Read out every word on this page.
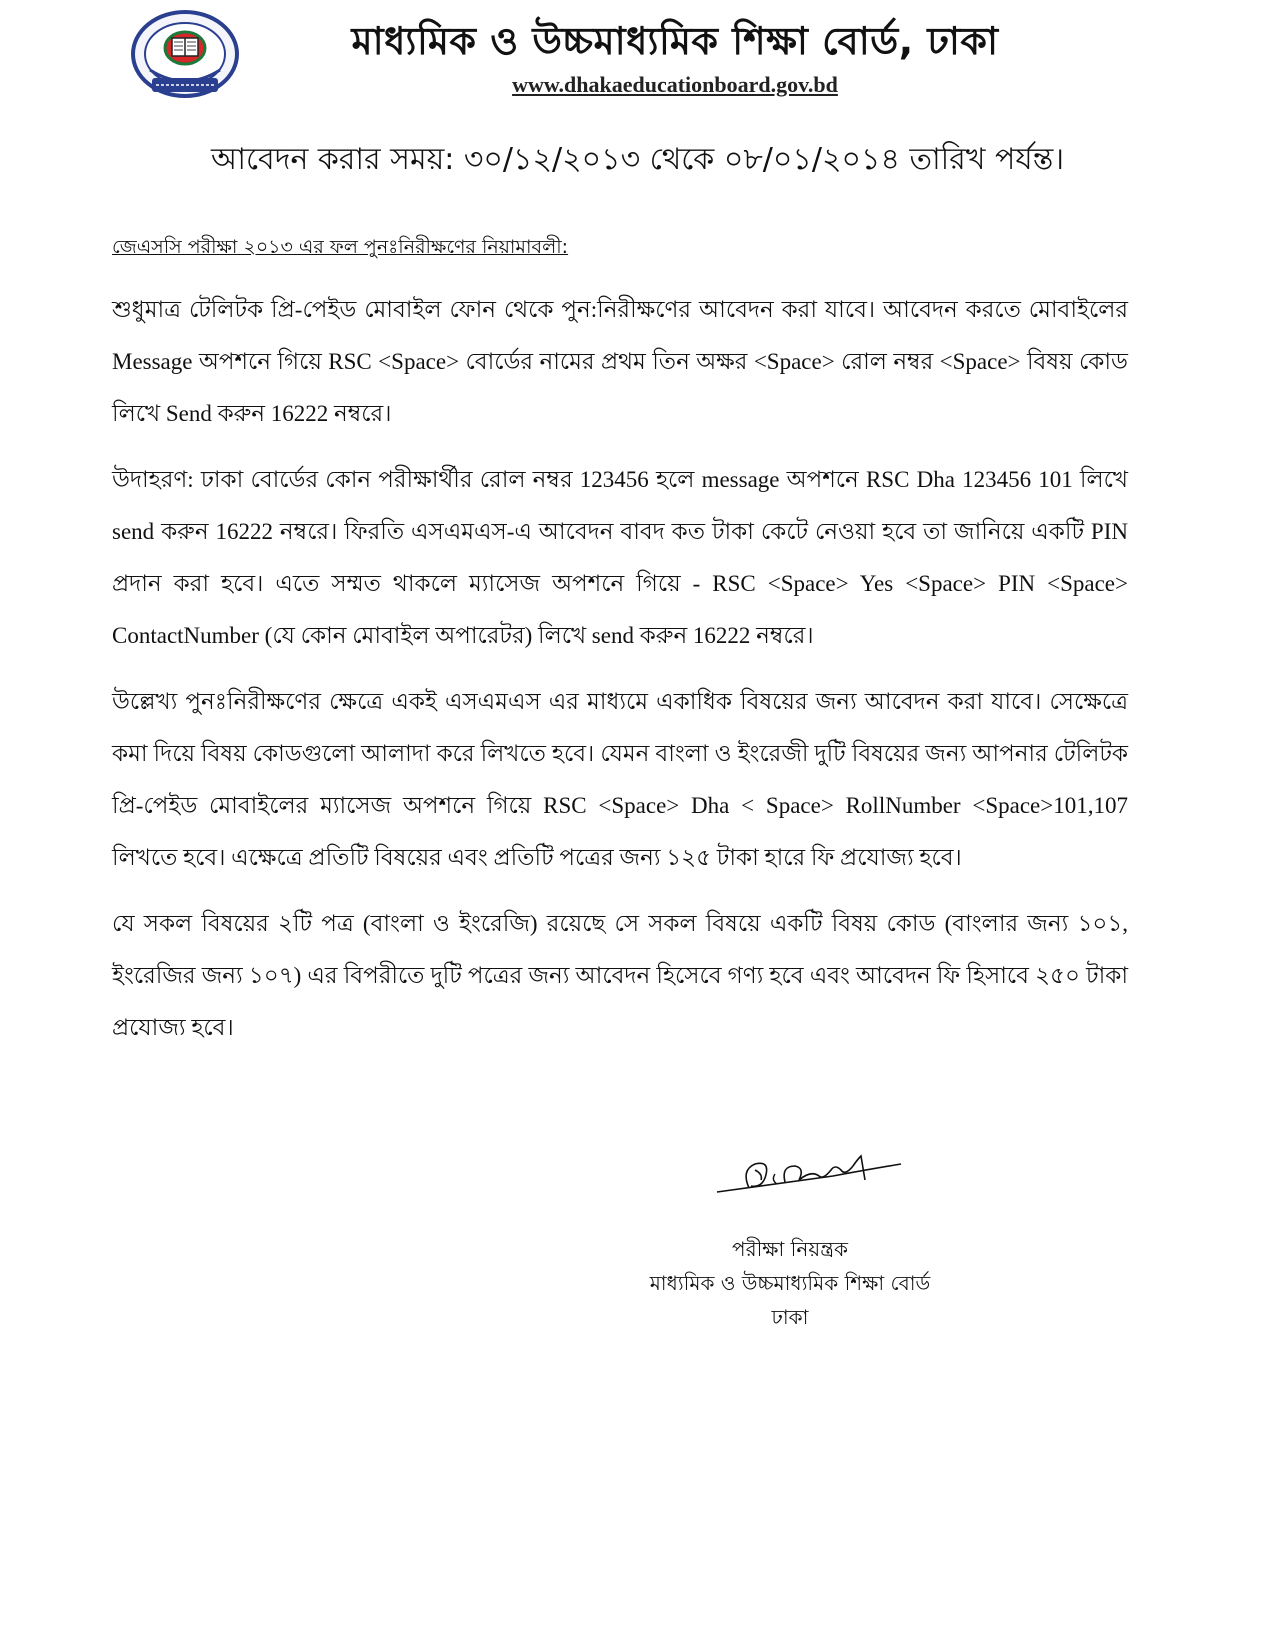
মাধ্যমিক ও উচ্চমাধ্যমিক শিক্ষা বোর্ড, ঢাকা
www.dhakaeducationboard.gov.bd
আবেদন করার সময়: ৩০/১২/২০১৩ থেকে ০৮/০১/২০১৪ তারিখ পর্যন্ত।
জেএসসি পরীক্ষা ২০১৩ এর ফল পুনঃনিরীক্ষণের নিয়ামাবলী:

শুধুমাত্র টেলিটক প্রি-পেইড মোবাইল ফোন থেকে পুন:নিরীক্ষণের আবেদন করা যাবে। আবেদন করতে মোবাইলের Message অপশনে গিয়ে RSC <Space> বোর্ডের নামের প্রথম তিন অক্ষর <Space> রোল নম্বর <Space> বিষয় কোড লিখে Send করুন 16222 নম্বরে।

উদাহরণ: ঢাকা বোর্ডের কোন পরীক্ষার্থীর রোল নম্বর 123456 হলে message অপশনে RSC Dha 123456 101 লিখে send করুন 16222 নম্বরে। ফিরতি এসএমএস-এ আবেদন বাবদ কত টাকা কেটে নেওয়া হবে তা জানিয়ে একটি PIN প্রদান করা হবে। এতে সম্মত থাকলে ম্যাসেজ অপশনে গিয়ে - RSC <Space> Yes <Space> PIN <Space> ContactNumber (যে কোন মোবাইল অপারেটর) লিখে send করুন 16222 নম্বরে।

উল্লেখ্য পুনঃনিরীক্ষণের ক্ষেত্রে একই এসএমএস এর মাধ্যমে একাধিক বিষয়ের জন্য আবেদন করা যাবে। সেক্ষেত্রে কমা দিয়ে বিষয় কোডগুলো আলাদা করে লিখতে হবে। যেমন বাংলা ও ইংরেজী দুটি বিষয়ের জন্য আপনার টেলিটক প্রি-পেইড মোবাইলের ম্যাসেজ অপশনে গিয়ে RSC <Space> Dha < Space> RollNumber <Space>101,107 লিখতে হবে। এক্ষেত্রে প্রতিটি বিষয়ের এবং প্রতিটি পত্রের জন্য ১২৫ টাকা হারে ফি প্রযোজ্য হবে।

যে সকল বিষয়ের ২টি পত্র (বাংলা ও ইংরেজি) রয়েছে সে সকল বিষয়ে একটি বিষয় কোড (বাংলার জন্য ১০১, ইংরেজির জন্য ১০৭) এর বিপরীতে দুটি পত্রের জন্য আবেদন হিসেবে গণ্য হবে এবং আবেদন ফি হিসাবে ২৫০ টাকা প্রযোজ্য হবে।

পরীক্ষা নিয়ন্ত্রক
মাধ্যমিক ও উচ্চমাধ্যমিক শিক্ষা বোর্ড
ঢাকা
